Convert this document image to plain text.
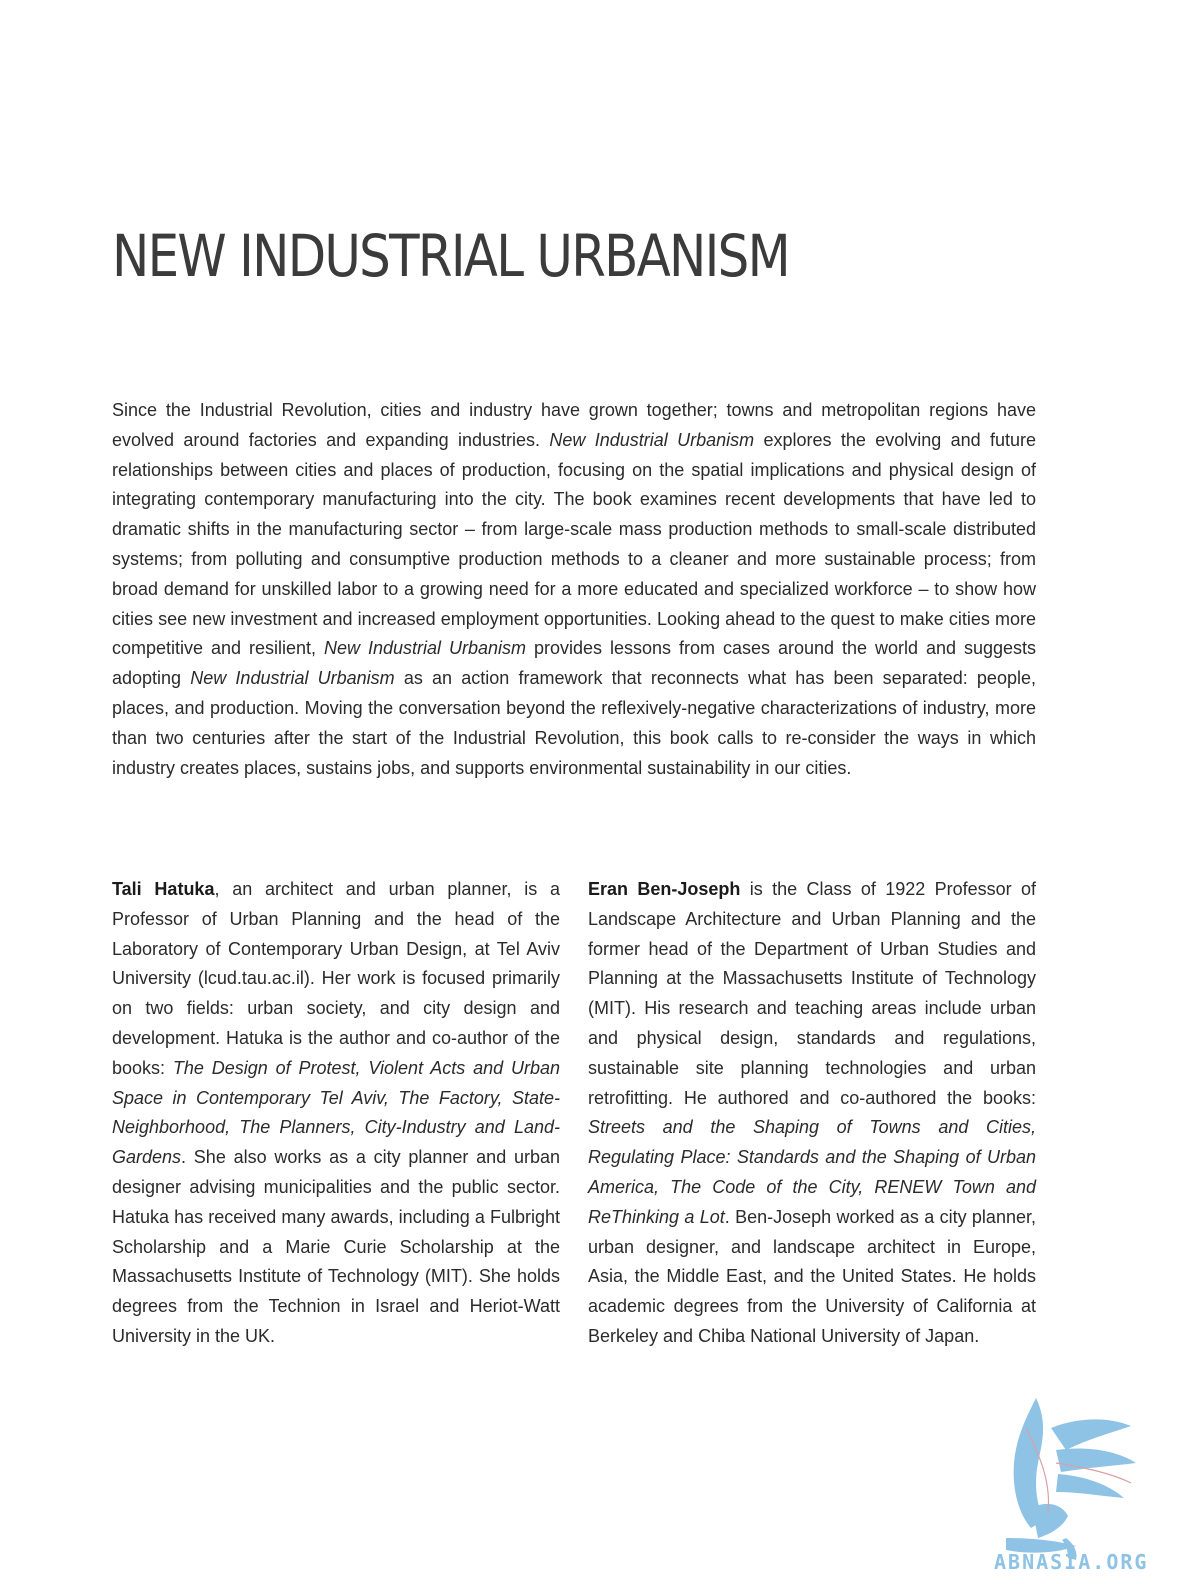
NEW INDUSTRIAL URBANISM

Since the Industrial Revolution, cities and industry have grown together; towns and metropolitan regions have evolved around factories and expanding industries. New Industrial Urbanism explores the evolving and future relationships between cities and places of production, focusing on the spatial implications and physical design of integrating contemporary manufacturing into the city. The book examines recent developments that have led to dramatic shifts in the manufacturing sector – from large-scale mass production methods to small-scale distributed systems; from polluting and consumptive production methods to a cleaner and more sustainable process; from broad demand for unskilled labor to a growing need for a more educated and specialized workforce – to show how cities see new investment and increased employment opportunities. Looking ahead to the quest to make cities more competitive and resilient, New Industrial Urbanism provides lessons from cases around the world and suggests adopting New Industrial Urbanism as an action framework that reconnects what has been separated: people, places, and production. Moving the conversation beyond the reflexively-negative characterizations of industry, more than two centuries after the start of the Industrial Revolution, this book calls to re-consider the ways in which industry creates places, sustains jobs, and supports environmental sustainability in our cities.

Tali Hatuka, an architect and urban planner, is a Professor of Urban Planning and the head of the Laboratory of Contemporary Urban Design, at Tel Aviv University (lcud.tau.ac.il). Her work is focused primarily on two fields: urban society, and city design and development. Hatuka is the author and co-author of the books: The Design of Protest, Violent Acts and Urban Space in Contemporary Tel Aviv, The Factory, State-Neighborhood, The Planners, City-Industry and Land-Gardens. She also works as a city planner and urban designer advising municipalities and the public sector. Hatuka has received many awards, including a Fulbright Scholarship and a Marie Curie Scholarship at the Massachusetts Institute of Technology (MIT). She holds degrees from the Technion in Israel and Heriot-Watt University in the UK.

Eran Ben-Joseph is the Class of 1922 Professor of Landscape Architecture and Urban Planning and the former head of the Department of Urban Studies and Planning at the Massachusetts Institute of Technology (MIT). His research and teaching areas include urban and physical design, standards and regulations, sustainable site planning technologies and urban retrofitting. He authored and co-authored the books: Streets and the Shaping of Towns and Cities, Regulating Place: Standards and the Shaping of Urban America, The Code of the City, RENEW Town and ReThinking a Lot. Ben-Joseph worked as a city planner, urban designer, and landscape architect in Europe, Asia, the Middle East, and the United States. He holds academic degrees from the University of California at Berkeley and Chiba National University of Japan.

ABNASIA.ORG
